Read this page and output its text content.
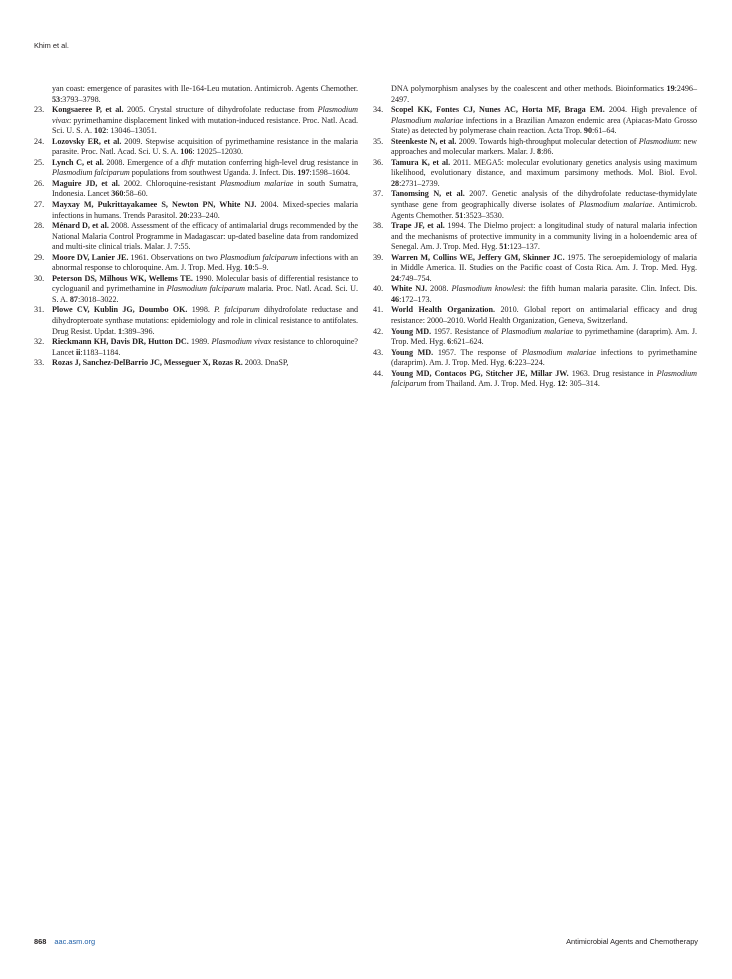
Khim et al.

yan coast: emergence of parasites with Ile-164-Leu mutation. Antimicrob. Agents Chemother. 53:3793–3798.

23. Kongsaeree P, et al. 2005. Crystal structure of dihydrofolate reductase from Plasmodium vivax: pyrimethamine displacement linked with mutation-induced resistance. Proc. Natl. Acad. Sci. U. S. A. 102: 13046–13051.

24. Lozovsky ER, et al. 2009. Stepwise acquisition of pyrimethamine resistance in the malaria parasite. Proc. Natl. Acad. Sci. U. S. A. 106: 12025–12030.

25. Lynch C, et al. 2008. Emergence of a dhfr mutation conferring high-level drug resistance in Plasmodium falciparum populations from southwest Uganda. J. Infect. Dis. 197:1598–1604.

26. Maguire JD, et al. 2002. Chloroquine-resistant Plasmodium malariae in south Sumatra, Indonesia. Lancet 360:58–60.

27. Mayxay M, Pukrittayakamee S, Newton PN, White NJ. 2004. Mixed-species malaria infections in humans. Trends Parasitol. 20:233–240.

28. Ménard D, et al. 2008. Assessment of the efficacy of antimalarial drugs recommended by the National Malaria Control Programme in Madagascar: up-dated baseline data from randomized and multi-site clinical trials. Malar. J. 7:55.

29. Moore DV, Lanier JE. 1961. Observations on two Plasmodium falciparum infections with an abnormal response to chloroquine. Am. J. Trop. Med. Hyg. 10:5–9.

30. Peterson DS, Milhous WK, Wellems TE. 1990. Molecular basis of differential resistance to cycloguanil and pyrimethamine in Plasmodium falciparum malaria. Proc. Natl. Acad. Sci. U. S. A. 87:3018–3022.

31. Plowe CV, Kublin JG, Doumbo OK. 1998. P. falciparum dihydrofolate reductase and dihydropteroate synthase mutations: epidemiology and role in clinical resistance to antifolates. Drug Resist. Updat. 1:389–396.

32. Rieckmann KH, Davis DR, Hutton DC. 1989. Plasmodium vivax resistance to chloroquine? Lancet ii:1183–1184.

33. Rozas J, Sanchez-DelBarrio JC, Messeguer X, Rozas R. 2003. DnaSP,

DNA polymorphism analyses by the coalescent and other methods. Bioinformatics 19:2496–2497.

34. Scopel KK, Fontes CJ, Nunes AC, Horta MF, Braga EM. 2004. High prevalence of Plasmodium malariae infections in a Brazilian Amazon endemic area (Apiacas-Mato Grosso State) as detected by polymerase chain reaction. Acta Trop. 90:61–64.

35. Steenkeste N, et al. 2009. Towards high-throughput molecular detection of Plasmodium: new approaches and molecular markers. Malar. J. 8:86.

36. Tamura K, et al. 2011. MEGA5: molecular evolutionary genetics analysis using maximum likelihood, evolutionary distance, and maximum parsimony methods. Mol. Biol. Evol. 28:2731–2739.

37. Tanomsing N, et al. 2007. Genetic analysis of the dihydrofolate reductase-thymidylate synthase gene from geographically diverse isolates of Plasmodium malariae. Antimicrob. Agents Chemother. 51:3523–3530.

38. Trape JF, et al. 1994. The Dielmo project: a longitudinal study of natural malaria infection and the mechanisms of protective immunity in a community living in a holoendemic area of Senegal. Am. J. Trop. Med. Hyg. 51:123–137.

39. Warren M, Collins WE, Jeffery GM, Skinner JC. 1975. The seroepidemiology of malaria in Middle America. II. Studies on the Pacific coast of Costa Rica. Am. J. Trop. Med. Hyg. 24:749–754.

40. White NJ. 2008. Plasmodium knowlesi: the fifth human malaria parasite. Clin. Infect. Dis. 46:172–173.

41. World Health Organization. 2010. Global report on antimalarial efficacy and drug resistance: 2000–2010. World Health Organization, Geneva, Switzerland.

42. Young MD. 1957. Resistance of Plasmodium malariae to pyrimethamine (daraprim). Am. J. Trop. Med. Hyg. 6:621–624.

43. Young MD. 1957. The response of Plasmodium malariae infections to pyrimethamine (daraprim). Am. J. Trop. Med. Hyg. 6:223–224.

44. Young MD, Contacos PG, Stitcher JE, Millar JW. 1963. Drug resistance in Plasmodium falciparum from Thailand. Am. J. Trop. Med. Hyg. 12: 305–314.

868 aac.asm.org	Antimicrobial Agents and Chemotherapy
